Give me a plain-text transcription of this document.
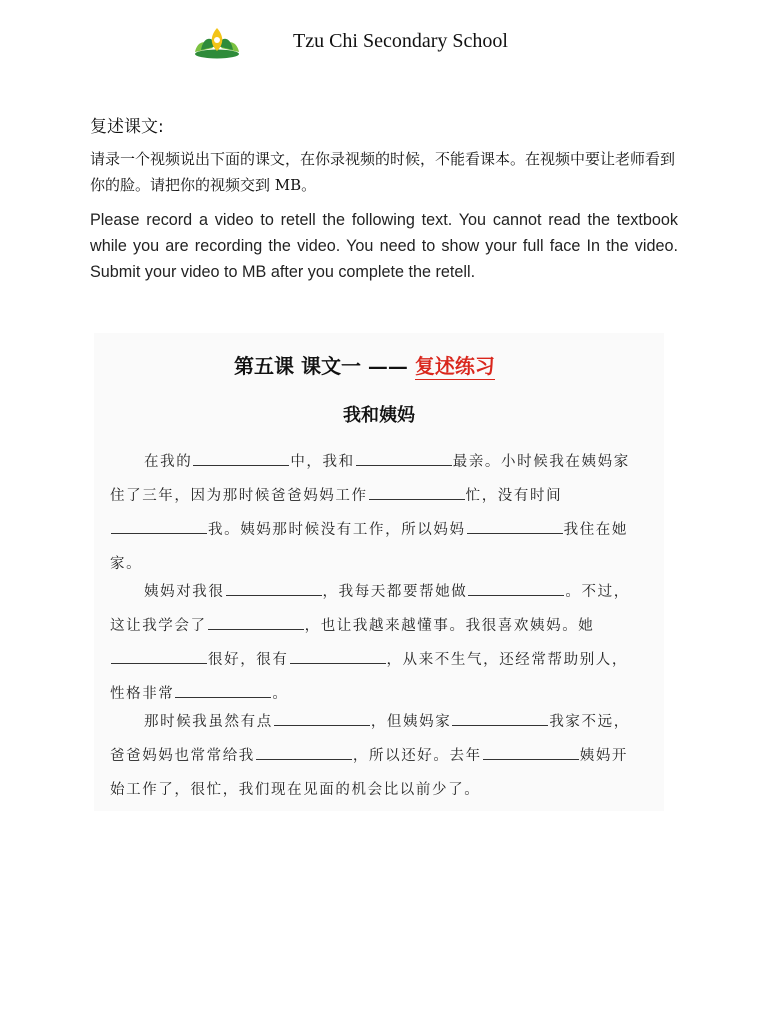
Tzu Chi Secondary School
复述课文:

请录一个视频说出下面的课文，在你录视频的时候，不能看课本。在视频中要让老师看到你的脸。请把你的视频交到 MB。

Please record a video to retell the following text. You cannot read the textbook while you are recording the video. You need to show your full face In the video. Submit your video to MB after you complete the retell.

第五课 课文一 —— 复述练习
我和姨妈
在我的	中，我和	最亲。小时候我在姨妈家
住了三年，因为那时候爸爸妈妈工作	忙，没有时间
我。姨妈那时候没有工作，所以妈妈	我住在她
家。
姨妈对我很	，我每天都要帮她做	。不过，
这让我学会了	，也让我越来越懂事。我很喜欢姨妈。她
很好，很有	，从来不生气，还经常帮助别人，
性格非常	。
那时候我虽然有点	，但姨妈家	我家不远，
爸爸妈妈也常常给我	，所以还好。去年	姨妈开
始工作了，很忙，我们现在见面的机会比以前少了。
